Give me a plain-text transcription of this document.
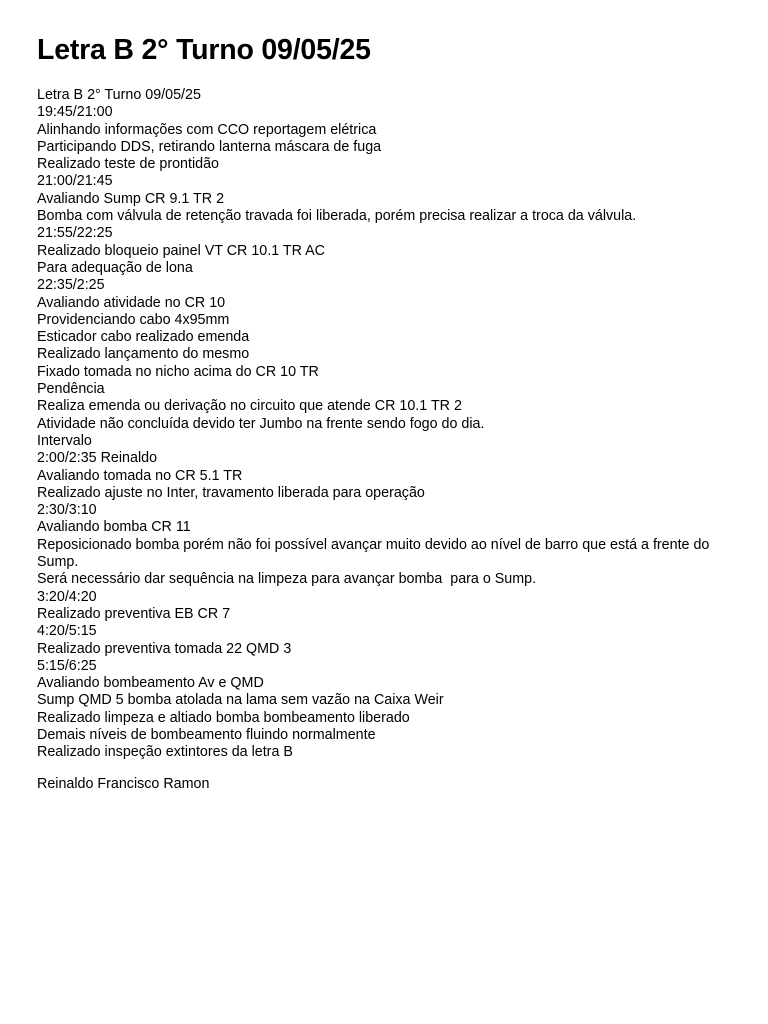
Letra B 2° Turno 09/05/25
Letra B 2° Turno 09/05/25
19:45/21:00
Alinhando informações com CCO reportagem elétrica
Participando DDS, retirando lanterna máscara de fuga
Realizado teste de prontidão
21:00/21:45
Avaliando Sump CR 9.1 TR 2
Bomba com válvula de retenção travada foi liberada, porém precisa realizar a troca da válvula.
21:55/22:25
Realizado bloqueio painel VT CR 10.1 TR AC
Para adequação de lona
22:35/2:25
Avaliando atividade no CR 10
Providenciando cabo 4x95mm
Esticador cabo realizado emenda
Realizado lançamento do mesmo
Fixado tomada no nicho acima do CR 10 TR
Pendência
Realiza emenda ou derivação no circuito que atende CR 10.1 TR 2
Atividade não concluída devido ter Jumbo na frente sendo fogo do dia.
Intervalo
2:00/2:35 Reinaldo
Avaliando tomada no CR 5.1 TR
Realizado ajuste no Inter, travamento liberada para operação
2:30/3:10
Avaliando bomba CR 11
Reposicionado bomba porém não foi possível avançar muito devido ao nível de barro que está a frente do Sump.
Será necessário dar sequência na limpeza para avançar bomba  para o Sump.
3:20/4:20
Realizado preventiva EB CR 7
4:20/5:15
Realizado preventiva tomada 22 QMD 3
5:15/6:25
Avaliando bombeamento Av e QMD
Sump QMD 5 bomba atolada na lama sem vazão na Caixa Weir
Realizado limpeza e altiado bomba bombeamento liberado
Demais níveis de bombeamento fluindo normalmente
Realizado inspeção extintores da letra B
Reinaldo Francisco Ramon
